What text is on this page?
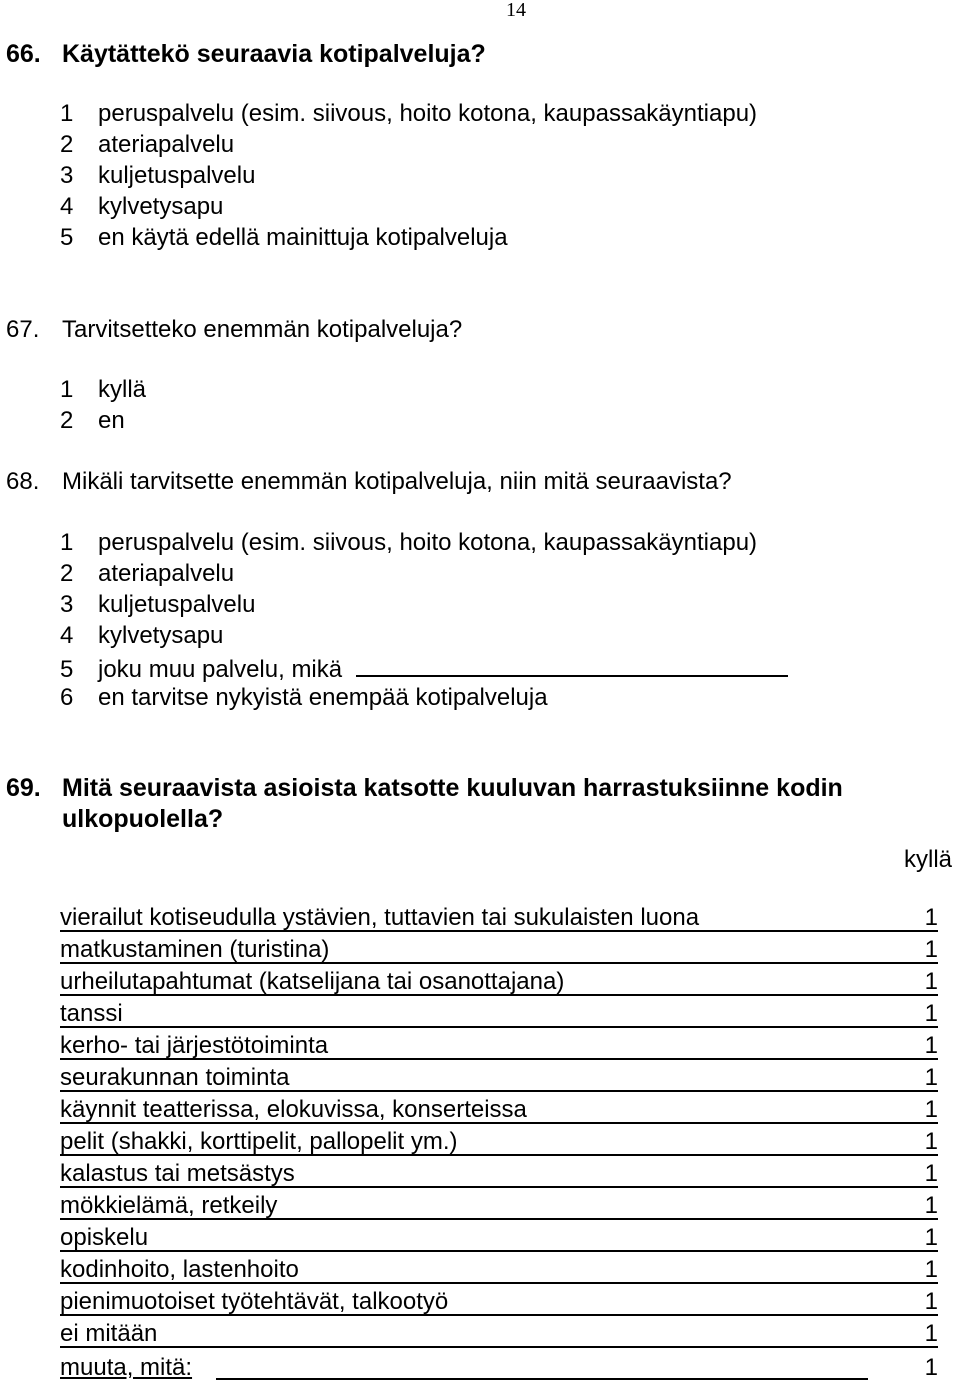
14
66. Käytättekö seuraavia kotipalveluja?
1 peruspalvelu (esim. siivous, hoito kotona, kaupassakäyntiapu)
2 ateriapalvelu
3 kuljetuspalvelu
4 kylvetysapu
5 en käytä edellä mainittuja kotipalveluja
67. Tarvitsetteko enemmän kotipalveluja?
1 kyllä
2 en
68. Mikäli tarvitsette enemmän kotipalveluja, niin mitä seuraavista?
1 peruspalvelu (esim. siivous, hoito kotona, kaupassakäyntiapu)
2 ateriapalvelu
3 kuljetuspalvelu
4 kylvetysapu
5 joku muu palvelu, mikä
6 en tarvitse nykyistä enempää kotipalveluja
69. Mitä seuraavista asioista katsotte kuuluvan harrastuksiinne kodin
ulkopuolella?
kyllä
vierailut kotiseudulla ystävien, tuttavien tai sukulaisten luona	1
matkustaminen (turistina)	1
urheilutapahtumat (katselijana tai osanottajana)	1
tanssi	1
kerho- tai järjestötoiminta	1
seurakunnan toiminta	1
käynnit teatterissa, elokuvissa, konserteissa	1
pelit (shakki, korttipelit, pallopelit ym.)	1
kalastus tai metsästys	1
mökkielämä, retkeily	1
opiskelu	1
kodinhoito, lastenhoito	1
pienimuotoiset työtehtävät, talkootyö	1
ei mitään	1
muuta, mitä:	1
